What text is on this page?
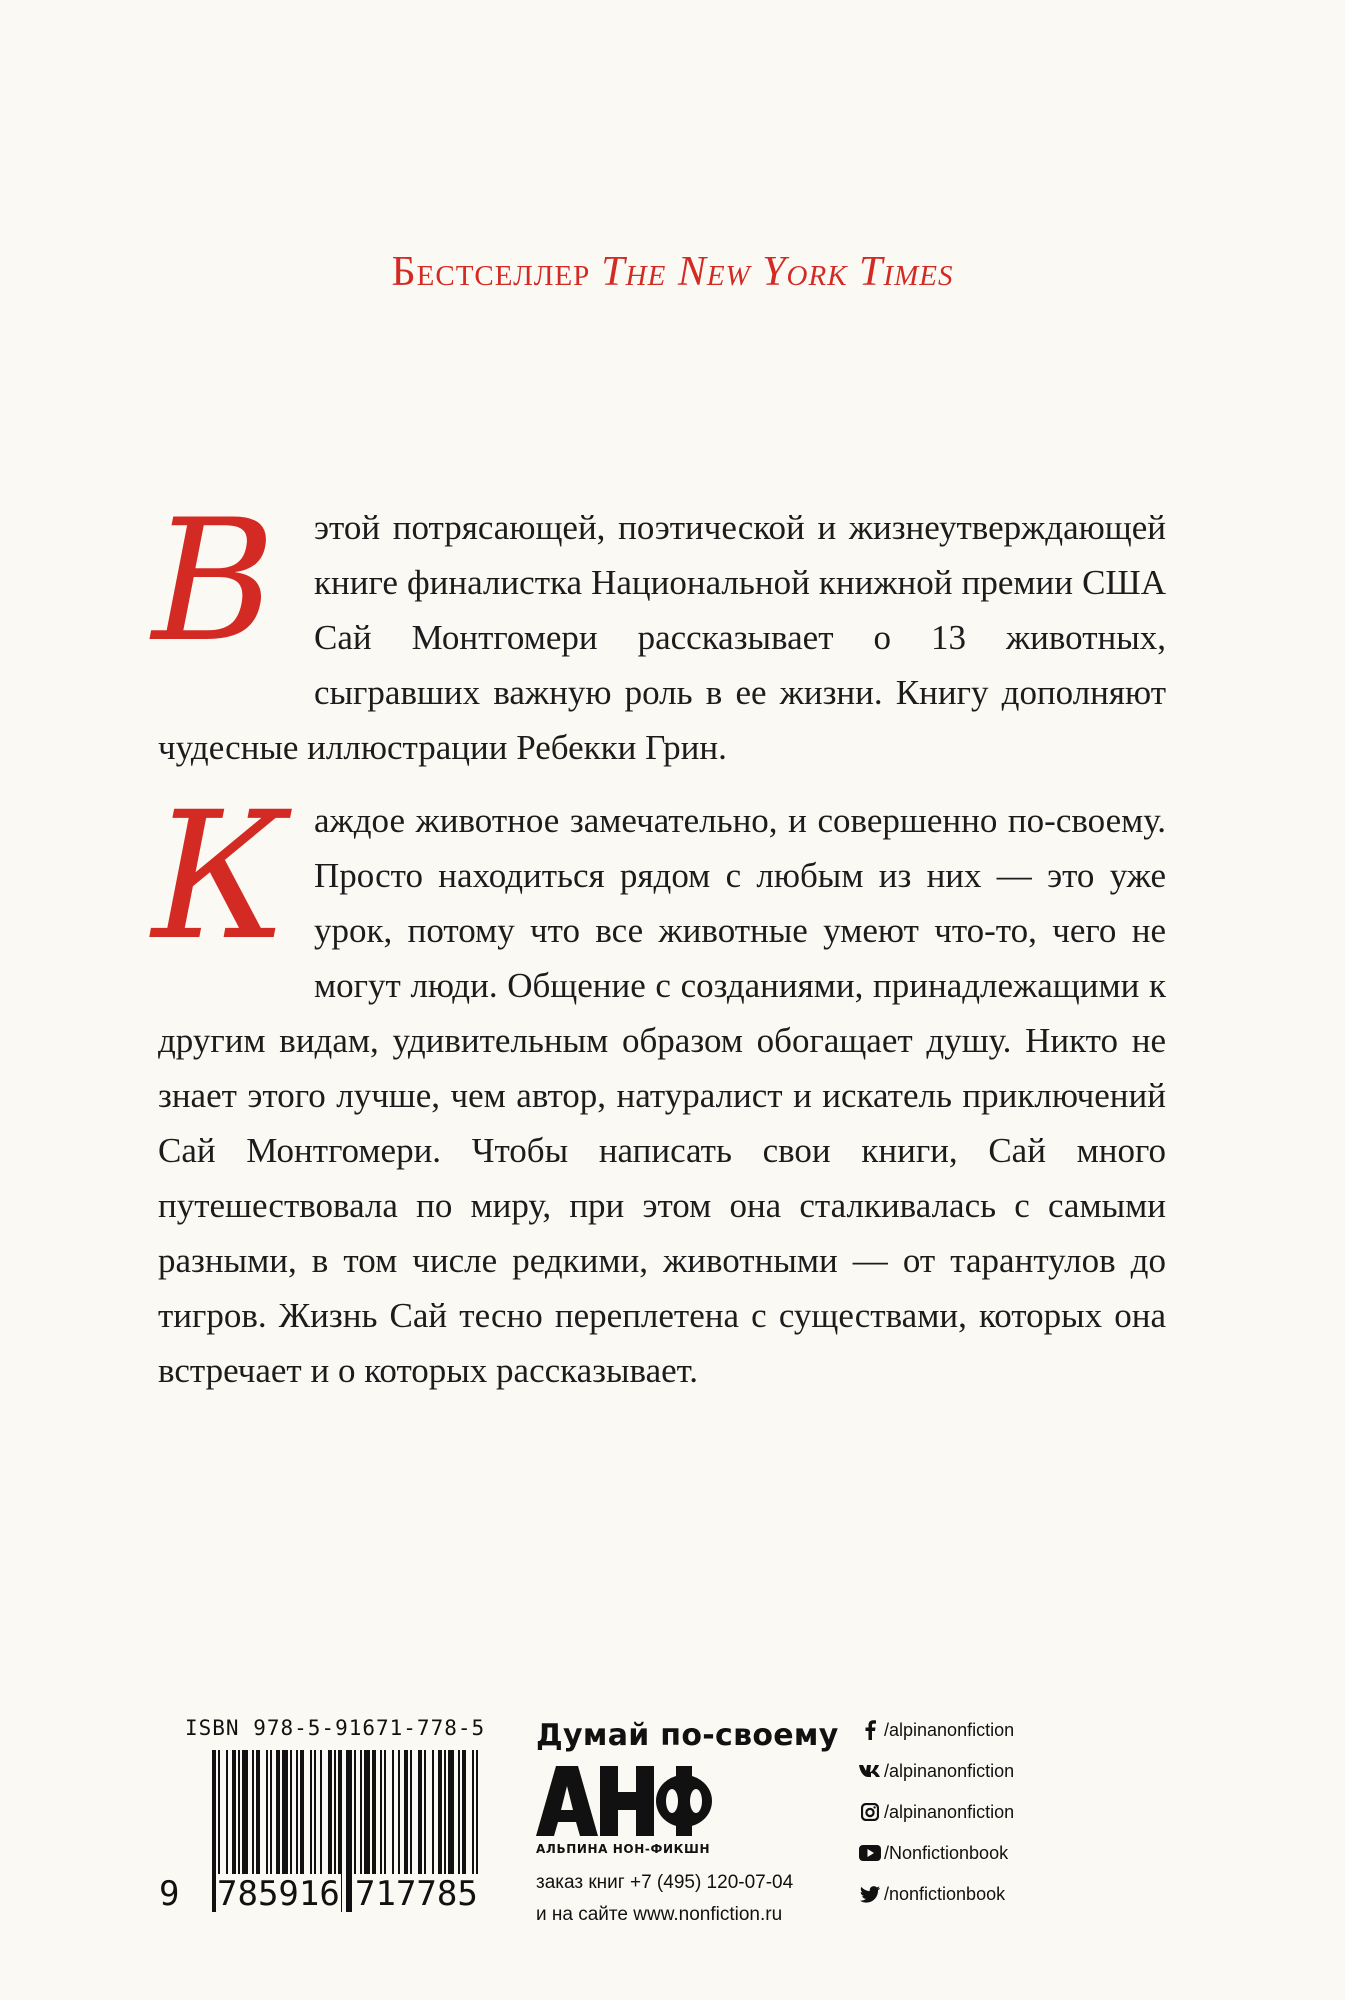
Бестселлер The New York Times

В	этой потрясающей, поэтической и жизнеутверждающей книге финалистка Национальной книжной премии США Сай Монтгомери рассказывает о 13 животных, сыгравших важную роль в ее жизни. Книгу дополняют чудесные иллюстрации Ребекки Грин.

К аждое животное замечательно, и совершенно по-своему. Просто находиться рядом с любым из них — это уже урок, потому что все животные умеют что-то, чего не могут люди. Общение с созданиями, принадлежащими к другим видам, удивительным образом обогащает душу. Никто не знает этого лучше, чем автор, натуралист и искатель приключений Сай Монтгомери. Чтобы написать свои книги, Сай много путешествовала по миру, при этом она сталкивалась с самыми разными, в том числе редкими, животными — от тарантулов до тигров. Жизнь Сай тесно переплетена с существами, которых она встречает и о которых рассказывает.

ISBN 978-5-91671-778-5
9 785916 717785
Думай по-своему
АЛЬПИНА НОН-ФИКШН
заказ книг +7 (495) 120-07-04
и на сайте www.nonfiction.ru
/alpinanonfiction
/alpinanonfiction
/alpinanonfiction
/Nonfictionbook
/nonfictionbook
